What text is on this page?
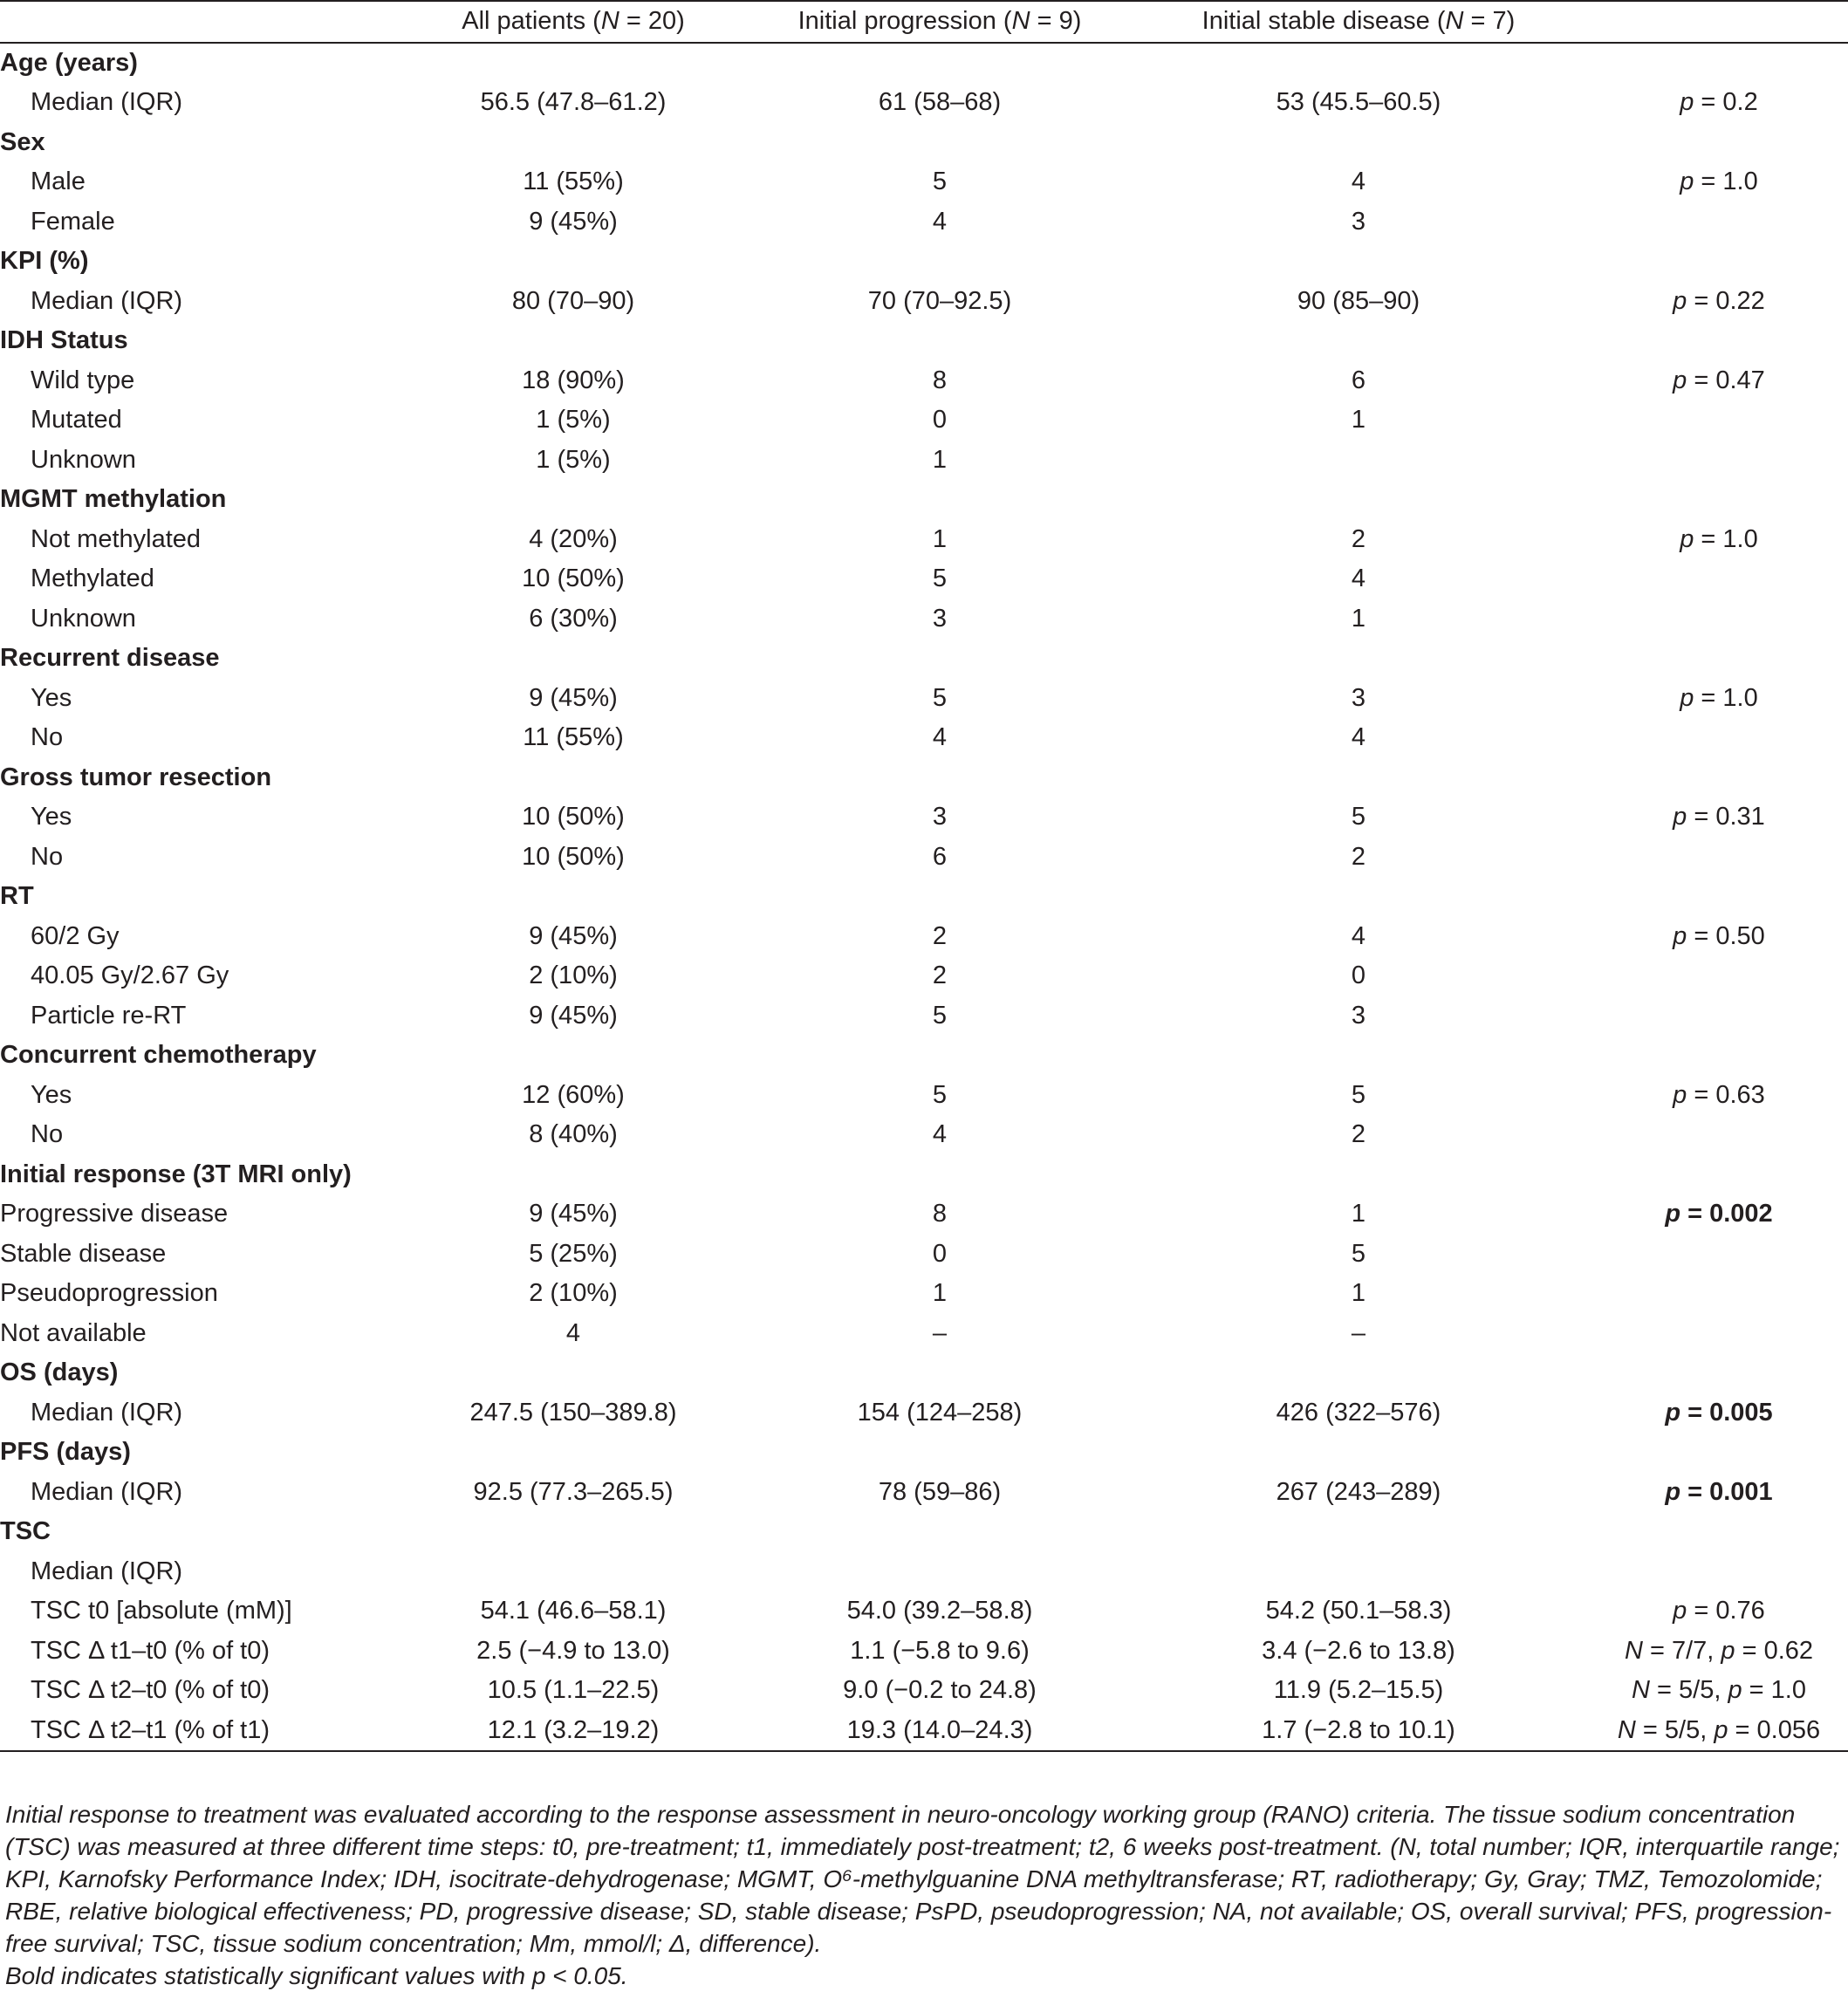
	All patients (N = 20)	Initial progression (N = 9)	Initial stable disease (N = 7)	
Age (years)				
Median (IQR)	56.5 (47.8–61.2)	61 (58–68)	53 (45.5–60.5)	p = 0.2
Sex				
Male	11 (55%)	5	4	p = 1.0
Female	9 (45%)	4	3	
KPI (%)				
Median (IQR)	80 (70–90)	70 (70–92.5)	90 (85–90)	p = 0.22
IDH Status				
Wild type	18 (90%)	8	6	p = 0.47
Mutated	1 (5%)	0	1	
Unknown	1 (5%)	1		
MGMT methylation				
Not methylated	4 (20%)	1	2	p = 1.0
Methylated	10 (50%)	5	4	
Unknown	6 (30%)	3	1	
Recurrent disease				
Yes	9 (45%)	5	3	p = 1.0
No	11 (55%)	4	4	
Gross tumor resection				
Yes	10 (50%)	3	5	p = 0.31
No	10 (50%)	6	2	
RT				
60/2 Gy	9 (45%)	2	4	p = 0.50
40.05 Gy/2.67 Gy	2 (10%)	2	0	
Particle re-RT	9 (45%)	5	3	
Concurrent chemotherapy				
Yes	12 (60%)	5	5	p = 0.63
No	8 (40%)	4	2	
Initial response (3T MRI only)				
Progressive disease	9 (45%)	8	1	p = 0.002
Stable disease	5 (25%)	0	5	
Pseudoprogression	2 (10%)	1	1	
Not available	4	–	–	
OS (days)				
Median (IQR)	247.5 (150–389.8)	154 (124–258)	426 (322–576)	p = 0.005
PFS (days)				
Median (IQR)	92.5 (77.3–265.5)	78 (59–86)	267 (243–289)	p = 0.001
TSC				
Median (IQR)				
TSC t0 [absolute (mM)]	54.1 (46.6–58.1)	54.0 (39.2–58.8)	54.2 (50.1–58.3)	p = 0.76
TSC Δ t1–t0 (% of t0)	2.5 (−4.9 to 13.0)	1.1 (−5.8 to 9.6)	3.4 (−2.6 to 13.8)	N = 7/7, p = 0.62
TSC Δ t2–t0 (% of t0)	10.5 (1.1–22.5)	9.0 (−0.2 to 24.8)	11.9 (5.2–15.5)	N = 5/5, p = 1.0
TSC Δ t2–t1 (% of t1)	12.1 (3.2–19.2)	19.3 (14.0–24.3)	1.7 (−2.8 to 10.1)	N = 5/5, p = 0.056

Initial response to treatment was evaluated according to the response assessment in neuro-oncology working group (RANO) criteria. The tissue sodium concentration (TSC) was measured at three different time steps: t0, pre-treatment; t1, immediately post-treatment; t2, 6 weeks post-treatment. (N, total number; IQR, interquartile range; KPI, Karnofsky Performance Index; IDH, isocitrate-dehydrogenase; MGMT, O⁶-methylguanine DNA methyltransferase; RT, radiotherapy; Gy, Gray; TMZ, Temozolomide; RBE, relative biological effectiveness; PD, progressive disease; SD, stable disease; PsPD, pseudoprogression; NA, not available; OS, overall survival; PFS, progression-free survival; TSC, tissue sodium concentration; Mm, mmol/l; Δ, difference).

Bold indicates statistically significant values with p < 0.05.
